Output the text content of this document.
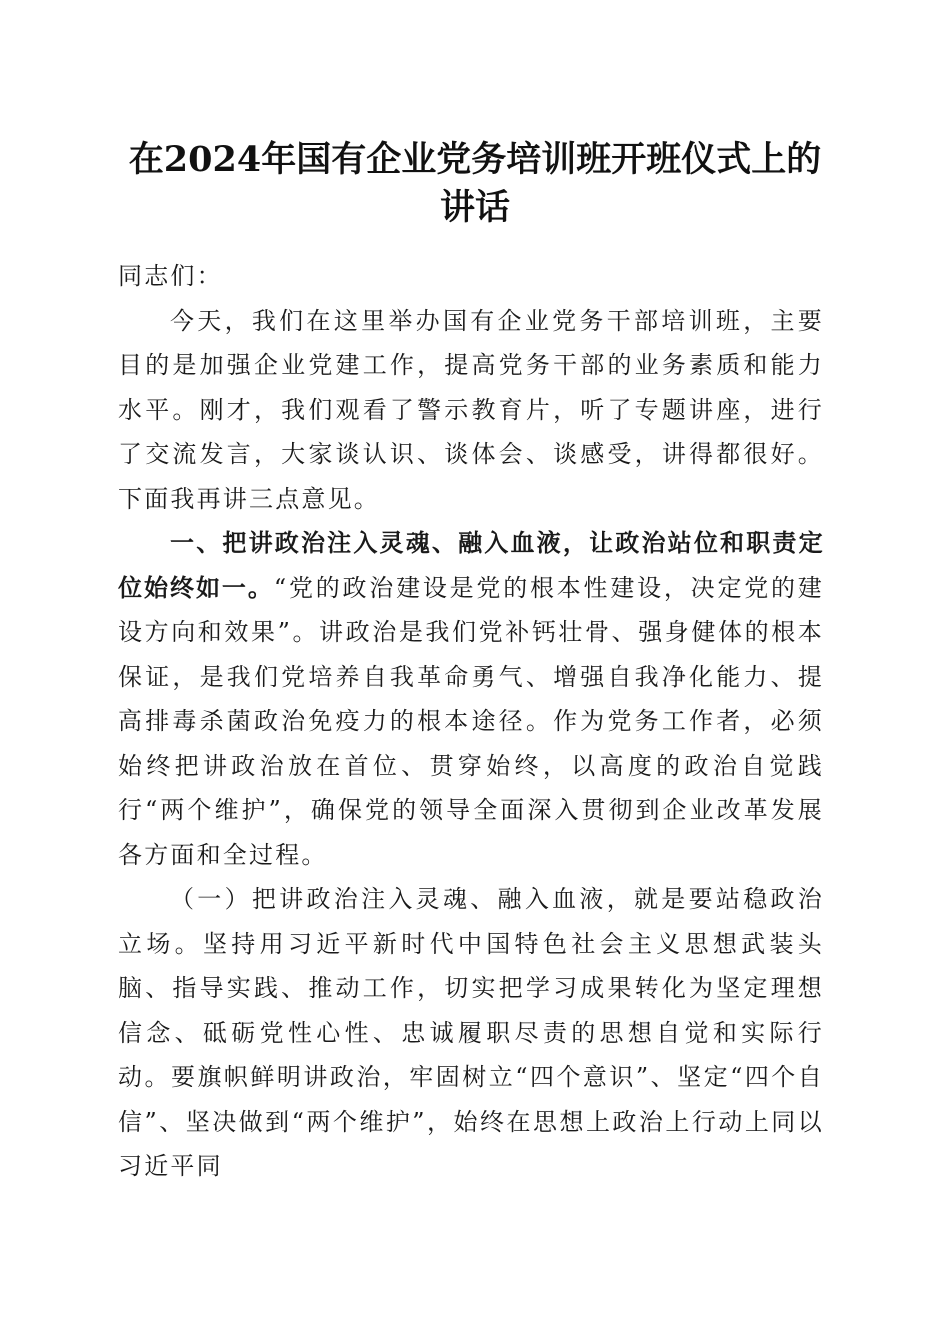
在2024年国有企业党务培训班开班仪式上的
讲话

同志们：

今天，我们在这里举办国有企业党务干部培训班，主要目的是加强企业党建工作，提高党务干部的业务素质和能力水平。刚才，我们观看了警示教育片，听了专题讲座，进行了交流发言，大家谈认识、谈体会、谈感受，讲得都很好。下面我再讲三点意见。

一、把讲政治注入灵魂、融入血液，让政治站位和职责定位始终如一。“党的政治建设是党的根本性建设，决定党的建设方向和效果”。讲政治是我们党补钙壮骨、强身健体的根本保证，是我们党培养自我革命勇气、增强自我净化能力、提高排毒杀菌政治免疫力的根本途径。作为党务工作者，必须始终把讲政治放在首位、贯穿始终，以高度的政治自觉践行“两个维护”，确保党的领导全面深入贯彻到企业改革发展各方面和全过程。

（一）把讲政治注入灵魂、融入血液，就是要站稳政治立场。坚持用习近平新时代中国特色社会主义思想武装头脑、指导实践、推动工作，切实把学习成果转化为坚定理想信念、砥砺党性心性、忠诚履职尽责的思想自觉和实际行动。要旗帜鲜明讲政治，牢固树立“四个意识”、坚定“四个自信”、坚决做到“两个维护”，始终在思想上政治上行动上同以习近平同
